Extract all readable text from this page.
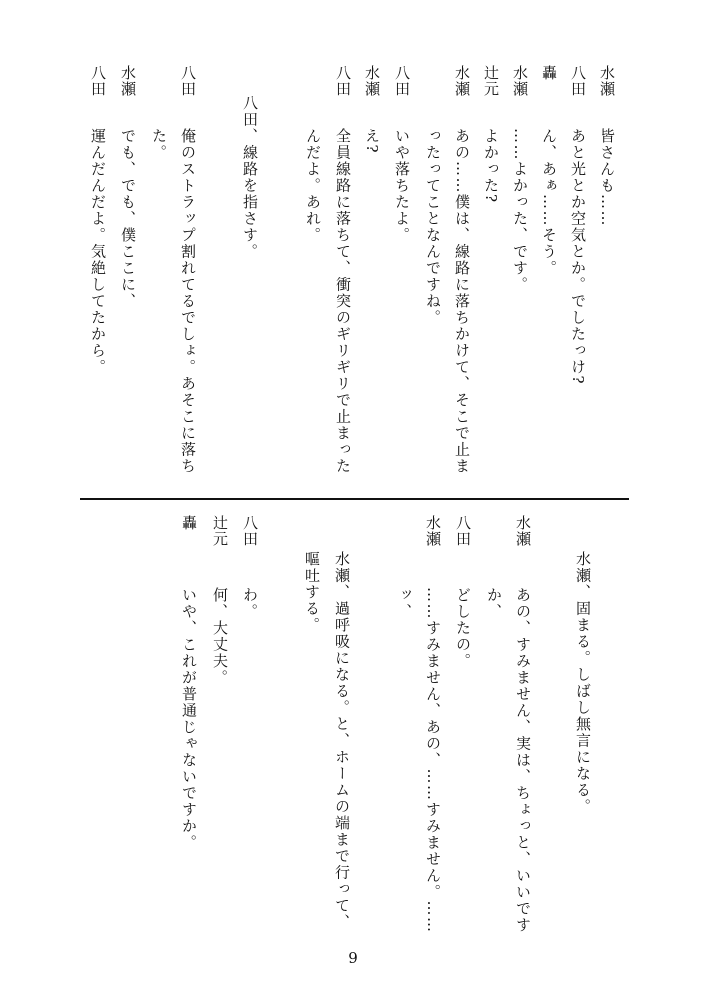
水瀬
皆さんも……
八田
あと光とか空気とか。でしたっけ?
轟
ん、あぁ……そう。
水瀬
……よかった、です。
辻元
よかった?
水瀬
あの……僕は、線路に落ちかけて、そこで止ま
ったってことなんですね。
八田
いや落ちたよ。
水瀬
え?
八田
全員線路に落ちて、衝突のギリギリで止まった
んだよ。あれ。
八田、線路を指さす。
八田
俺のストラップ割れてるでしょ。あそこに落ち
た。
水瀬
でも、でも、僕ここに、
八田
運んだんだよ。気絶してたから。
水瀬、固まる。しばし無言になる。
水瀬
あの、すみません、実は、ちょっと、いいです
か、
八田
どしたの。
水瀬
……すみません、あの、……すみません。……
ッ、
水瀬、過呼吸になる。と、ホームの端まで行って、
嘔吐する。
八田
わ。
辻元
何、大丈夫。
轟
いや、これが普通じゃないですか。
9
